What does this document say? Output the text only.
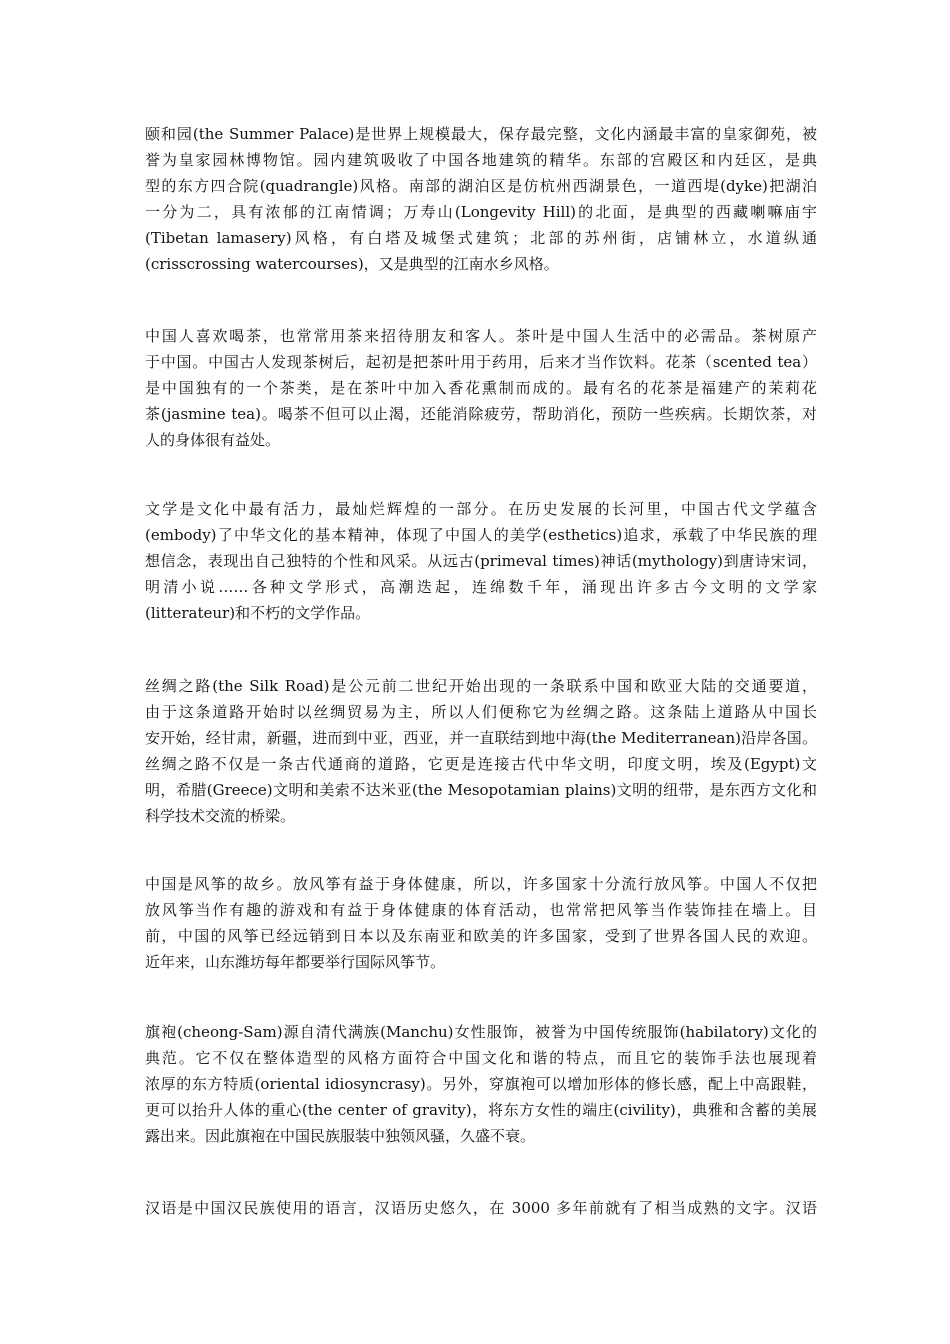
颐和园(the Summer Palace)是世界上规模最大，保存最完整，文化内涵最丰富的皇家御苑，被
誉为皇家园林博物馆。园内建筑吸收了中国各地建筑的精华。东部的宫殿区和内廷区，是典
型的东方四合院(quadrangle)风格。南部的湖泊区是仿杭州西湖景色，一道西堤(dyke)把湖泊
一分为二，具有浓郁的江南情调；万寿山(Longevity Hill)的北面，是典型的西藏喇嘛庙宇
(Tibetan lamasery)风格，有白塔及城堡式建筑；北部的苏州街，店铺林立，水道纵通
(crisscrossing watercourses)，又是典型的江南水乡风格。
中国人喜欢喝茶，也常常用茶来招待朋友和客人。茶叶是中国人生活中的必需品。茶树原产
于中国。中国古人发现茶树后，起初是把茶叶用于药用，后来才当作饮料。花茶（scented tea）
是中国独有的一个茶类，是在茶叶中加入香花熏制而成的。最有名的花茶是福建产的茉莉花
茶(jasmine tea)。喝茶不但可以止渴，还能消除疲劳，帮助消化，预防一些疾病。长期饮茶，对
人的身体很有益处。
文学是文化中最有活力，最灿烂辉煌的一部分。在历史发展的长河里，中国古代文学蕴含
(embody)了中华文化的基本精神，体现了中国人的美学(esthetics)追求，承载了中华民族的理
想信念，表现出自己独特的个性和风采。从远古(primeval times)神话(mythology)到唐诗宋词，
明清小说……各种文学形式，高潮迭起，连绵数千年，涌现出许多古今文明的文学家
(litterateur)和不朽的文学作品。
丝绸之路(the Silk Road)是公元前二世纪开始出现的一条联系中国和欧亚大陆的交通要道，
由于这条道路开始时以丝绸贸易为主，所以人们便称它为丝绸之路。这条陆上道路从中国长
安开始，经甘肃，新疆，进而到中亚，西亚，并一直联结到地中海(the Mediterranean)沿岸各国。
丝绸之路不仅是一条古代通商的道路，它更是连接古代中华文明，印度文明，埃及(Egypt)文
明，希腊(Greece)文明和美索不达米亚(the Mesopotamian plains)文明的纽带，是东西方文化和
科学技术交流的桥梁。
中国是风筝的故乡。放风筝有益于身体健康，所以，许多国家十分流行放风筝。中国人不仅把
放风筝当作有趣的游戏和有益于身体健康的体育活动，也常常把风筝当作装饰挂在墙上。目
前，中国的风筝已经远销到日本以及东南亚和欧美的许多国家，受到了世界各国人民的欢迎。
近年来，山东潍坊每年都要举行国际风筝节。
旗袍(cheong-Sam)源自清代满族(Manchu)女性服饰，被誉为中国传统服饰(habilatory)文化的
典范。它不仅在整体造型的风格方面符合中国文化和谐的特点，而且它的装饰手法也展现着
浓厚的东方特质(oriental idiosyncrasy)。另外，穿旗袍可以增加形体的修长感，配上中高跟鞋，
更可以抬升人体的重心(the center of gravity)，将东方女性的端庄(civility)，典雅和含蓄的美展
露出来。因此旗袍在中国民族服装中独领风骚，久盛不衰。
汉语是中国汉民族使用的语言，汉语历史悠久，在 3000 多年前就有了相当成熟的文字。汉语
